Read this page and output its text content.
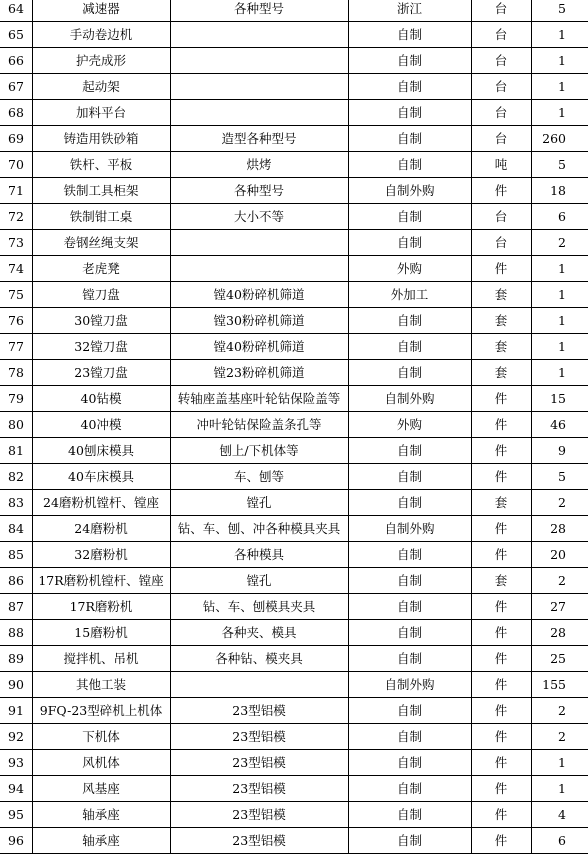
64	减速器	各种型号	浙江	台	5
65	手动卷边机		自制	台	1
66	护壳成形		自制	台	1
67	起动架		自制	台	1
68	加料平台		自制	台	1
69	铸造用铁砂箱	造型各种型号	自制	台	260
70	铁杆、平板	烘烤	自制	吨	5
71	铁制工具柜架	各种型号	自制外购	件	18
72	铁制钳工桌	大小不等	自制	台	6
73	卷钢丝绳支架		自制	台	2
74	老虎凳		外购	件	1
75	镗刀盘	镗40粉碎机筛道	外加工	套	1
76	30镗刀盘	镗30粉碎机筛道	自制	套	1
77	32镗刀盘	镗40粉碎机筛道	自制	套	1
78	23镗刀盘	镗23粉碎机筛道	自制	套	1
79	40钻模	转轴座盖基座叶轮钻保险盖等	自制外购	件	15
80	40冲模	冲叶轮钻保险盖条孔等	外购	件	46
81	40刨床模具	刨上/下机体等	自制	件	9
82	40车床模具	车、刨等	自制	件	5
83	24磨粉机镗杆、镗座	镗孔	自制	套	2
84	24磨粉机	钻、车、刨、冲各种模具夹具	自制外购	件	28
85	32磨粉机	各种模具	自制	件	20
86	17R磨粉机镗杆、镗座	镗孔	自制	套	2
87	17R磨粉机	钻、车、刨模具夹具	自制	件	27
88	15磨粉机	各种夹、模具	自制	件	28
89	搅拌机、吊机	各种钻、模夹具	自制	件	25
90	其他工装		自制外购	件	155
91	9FQ-23型碎机上机体	23型铝模	自制	件	2
92	下机体	23型铝模	自制	件	2
93	风机体	23型铝模	自制	件	1
94	风基座	23型铝模	自制	件	1
95	轴承座	23型铝模	自制	件	4
96	轴承座	23型铝模	自制	件	6
